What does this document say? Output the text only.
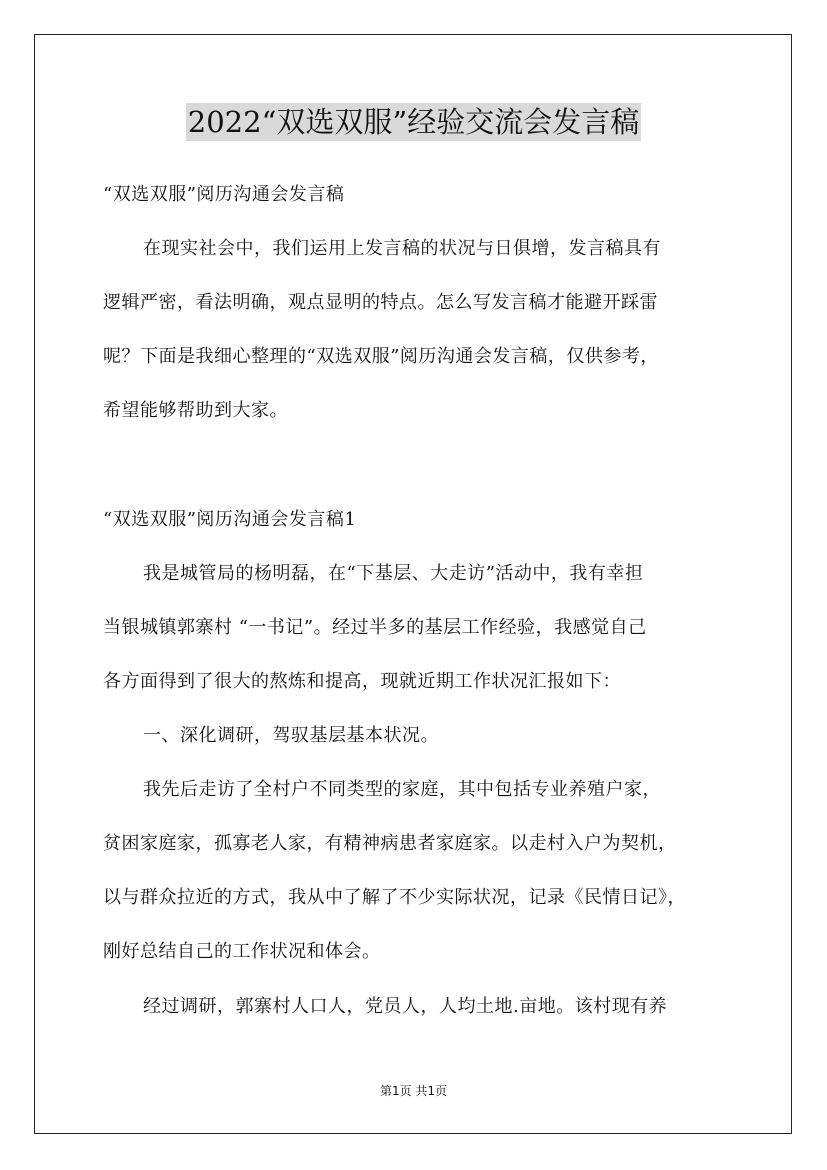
2022“双选双服”经验交流会发言稿
“双选双服”阅历沟通会发言稿
在现实社会中，我们运用上发言稿的状况与日俱增，发言稿具有
逻辑严密，看法明确，观点显明的特点。怎么写发言稿才能避开踩雷
呢？下面是我细心整理的“双选双服”阅历沟通会发言稿，仅供参考，
希望能够帮助到大家。
“双选双服”阅历沟通会发言稿1
我是城管局的杨明磊，在“下基层、大走访”活动中，我有幸担
当银城镇郭寨村 “一书记”。经过半多的基层工作经验，我感觉自己
各方面得到了很大的熬炼和提高，现就近期工作状况汇报如下：
一、深化调研，驾驭基层基本状况。
我先后走访了全村户不同类型的家庭，其中包括专业养殖户家，
贫困家庭家，孤寡老人家，有精神病患者家庭家。以走村入户为契机，
以与群众拉近的方式，我从中了解了不少实际状况，记录《民情日记》，
刚好总结自己的工作状况和体会。
经过调研，郭寨村人口人，党员人，人均土地.亩地。该村现有养
第1页 共1页
